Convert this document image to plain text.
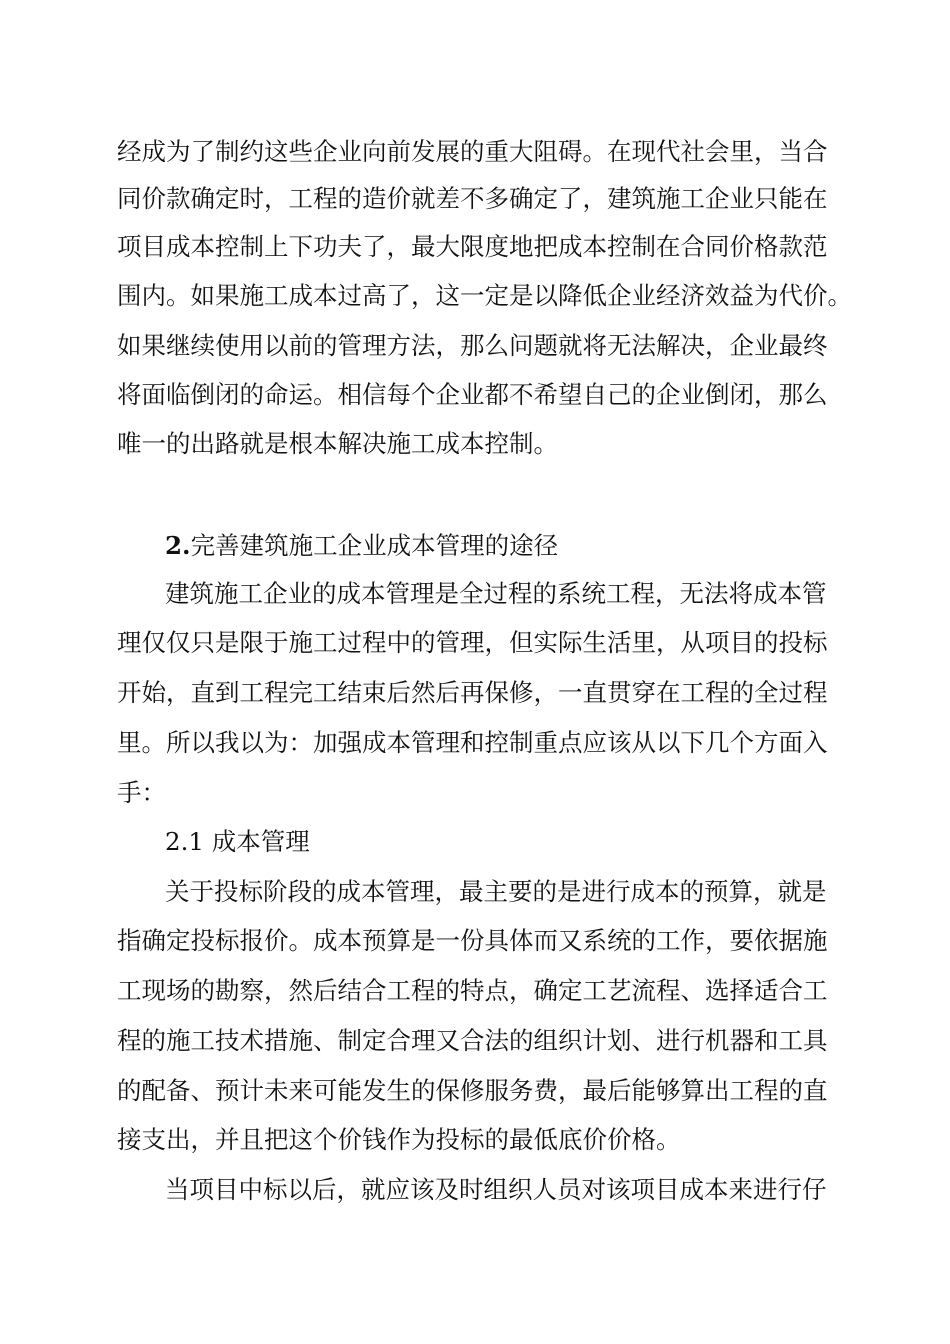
经成为了制约这些企业向前发展的重大阻碍。在现代社会里，当合

同价款确定时，工程的造价就差不多确定了，建筑施工企业只能在

项目成本控制上下功夫了，最大限度地把成本控制在合同价格款范

围内。如果施工成本过高了，这一定是以降低企业经济效益为代价。

如果继续使用以前的管理方法，那么问题就将无法解决，企业最终

将面临倒闭的命运。相信每个企业都不希望自己的企业倒闭，那么

唯一的出路就是根本解决施工成本控制。

2.完善建筑施工企业成本管理的途径

建筑施工企业的成本管理是全过程的系统工程，无法将成本管

理仅仅只是限于施工过程中的管理，但实际生活里，从项目的投标

开始，直到工程完工结束后然后再保修，一直贯穿在工程的全过程

里。所以我以为：加强成本管理和控制重点应该从以下几个方面入

手：

2.1 成本管理

关于投标阶段的成本管理，最主要的是进行成本的预算，就是

指确定投标报价。成本预算是一份具体而又系统的工作，要依据施

工现场的勘察，然后结合工程的特点，确定工艺流程、选择适合工

程的施工技术措施、制定合理又合法的组织计划、进行机器和工具

的配备、预计未来可能发生的保修服务费，最后能够算出工程的直

接支出，并且把这个价钱作为投标的最低底价价格。

当项目中标以后，就应该及时组织人员对该项目成本来进行仔
